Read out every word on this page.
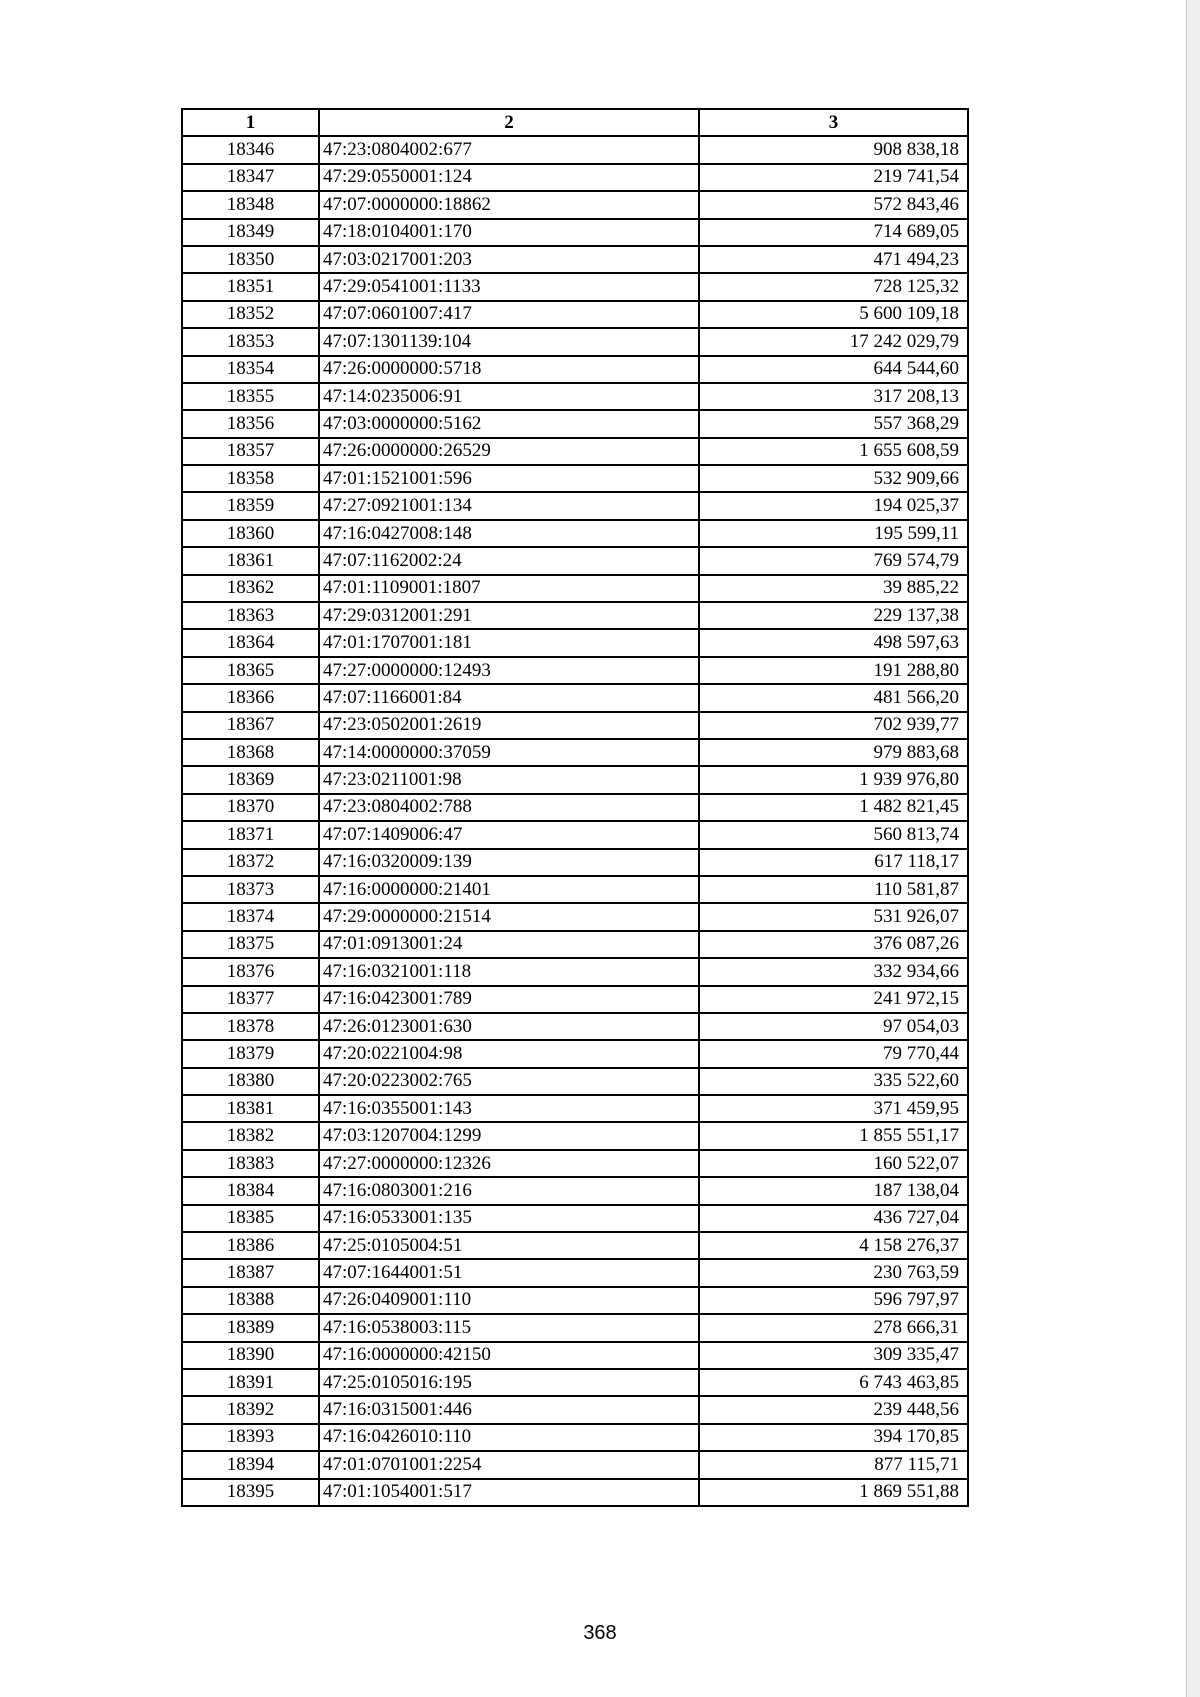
1	2	3
18346	47:23:0804002:677	908 838,18
18347	47:29:0550001:124	219 741,54
18348	47:07:0000000:18862	572 843,46
18349	47:18:0104001:170	714 689,05
18350	47:03:0217001:203	471 494,23
18351	47:29:0541001:1133	728 125,32
18352	47:07:0601007:417	5 600 109,18
18353	47:07:1301139:104	17 242 029,79
18354	47:26:0000000:5718	644 544,60
18355	47:14:0235006:91	317 208,13
18356	47:03:0000000:5162	557 368,29
18357	47:26:0000000:26529	1 655 608,59
18358	47:01:1521001:596	532 909,66
18359	47:27:0921001:134	194 025,37
18360	47:16:0427008:148	195 599,11
18361	47:07:1162002:24	769 574,79
18362	47:01:1109001:1807	39 885,22
18363	47:29:0312001:291	229 137,38
18364	47:01:1707001:181	498 597,63
18365	47:27:0000000:12493	191 288,80
18366	47:07:1166001:84	481 566,20
18367	47:23:0502001:2619	702 939,77
18368	47:14:0000000:37059	979 883,68
18369	47:23:0211001:98	1 939 976,80
18370	47:23:0804002:788	1 482 821,45
18371	47:07:1409006:47	560 813,74
18372	47:16:0320009:139	617 118,17
18373	47:16:0000000:21401	110 581,87
18374	47:29:0000000:21514	531 926,07
18375	47:01:0913001:24	376 087,26
18376	47:16:0321001:118	332 934,66
18377	47:16:0423001:789	241 972,15
18378	47:26:0123001:630	97 054,03
18379	47:20:0221004:98	79 770,44
18380	47:20:0223002:765	335 522,60
18381	47:16:0355001:143	371 459,95
18382	47:03:1207004:1299	1 855 551,17
18383	47:27:0000000:12326	160 522,07
18384	47:16:0803001:216	187 138,04
18385	47:16:0533001:135	436 727,04
18386	47:25:0105004:51	4 158 276,37
18387	47:07:1644001:51	230 763,59
18388	47:26:0409001:110	596 797,97
18389	47:16:0538003:115	278 666,31
18390	47:16:0000000:42150	309 335,47
18391	47:25:0105016:195	6 743 463,85
18392	47:16:0315001:446	239 448,56
18393	47:16:0426010:110	394 170,85
18394	47:01:0701001:2254	877 115,71
18395	47:01:1054001:517	1 869 551,88
368
